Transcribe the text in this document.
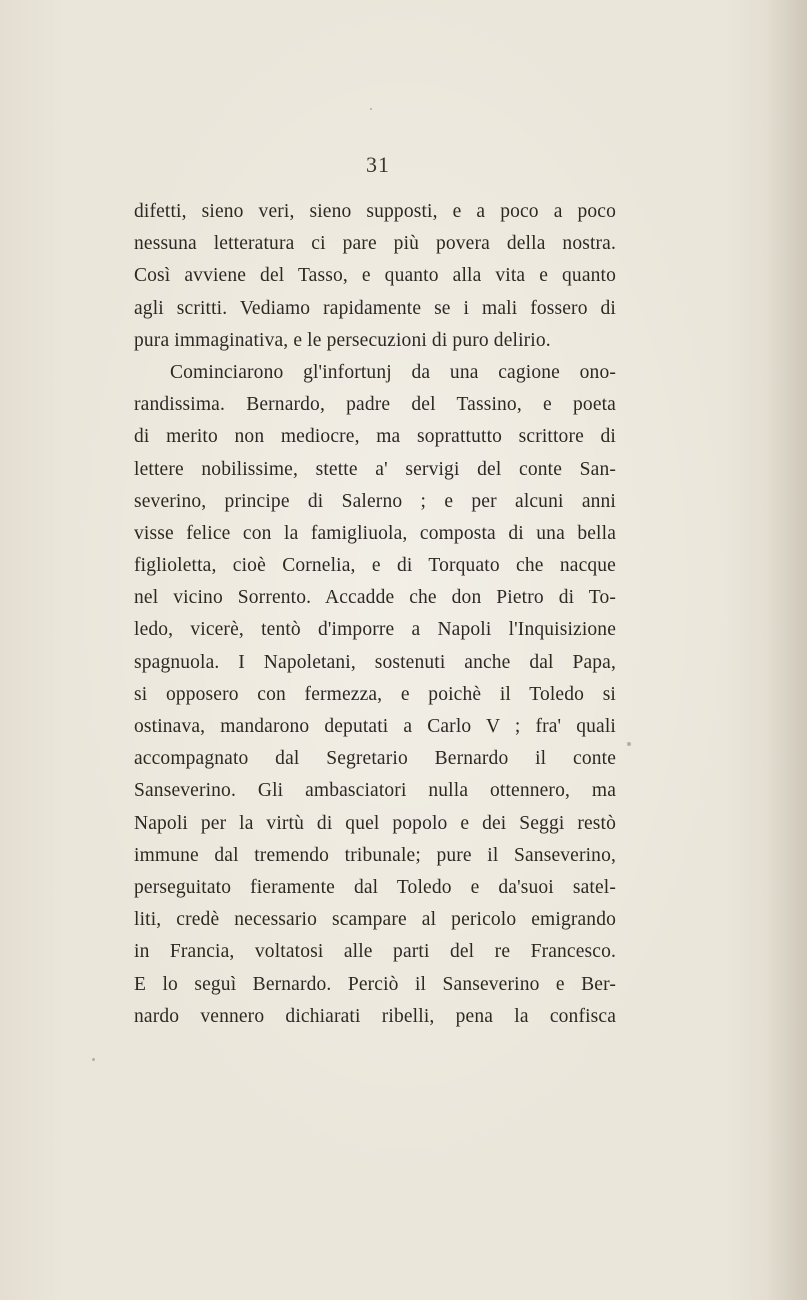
31
difetti, sieno veri, sieno supposti, e a poco a poco
nessuna letteratura ci pare più povera della nostra.
Così avviene del Tasso, e quanto alla vita e quanto
agli scritti. Vediamo rapidamente se i mali fossero di
pura immaginativa, e le persecuzioni di puro delirio.
Cominciarono gl'infortunj da una cagione ono-
randissima. Bernardo, padre del Tassino, e poeta
di merito non mediocre, ma soprattutto scrittore di
lettere nobilissime, stette a' servigi del conte San-
severino, principe di Salerno ; e per alcuni anni
visse felice con la famigliuola, composta di una bella
figlioletta, cioè Cornelia, e di Torquato che nacque
nel vicino Sorrento. Accadde che don Pietro di To-
ledo, vicerè, tentò d'imporre a Napoli l'Inquisizione
spagnuola. I Napoletani, sostenuti anche dal Papa,
si opposero con fermezza, e poichè il Toledo si
ostinava, mandarono deputati a Carlo V ; fra' quali
accompagnato dal Segretario Bernardo il conte
Sanseverino. Gli ambasciatori nulla ottennero, ma
Napoli per la virtù di quel popolo e dei Seggi restò
immune dal tremendo tribunale; pure il Sanseverino,
perseguitato fieramente dal Toledo e da'suoi satel-
liti, credè necessario scampare al pericolo emigrando
in Francia, voltatosi alle parti del re Francesco.
E lo seguì Bernardo. Perciò il Sanseverino e Ber-
nardo vennero dichiarati ribelli, pena la confisca
